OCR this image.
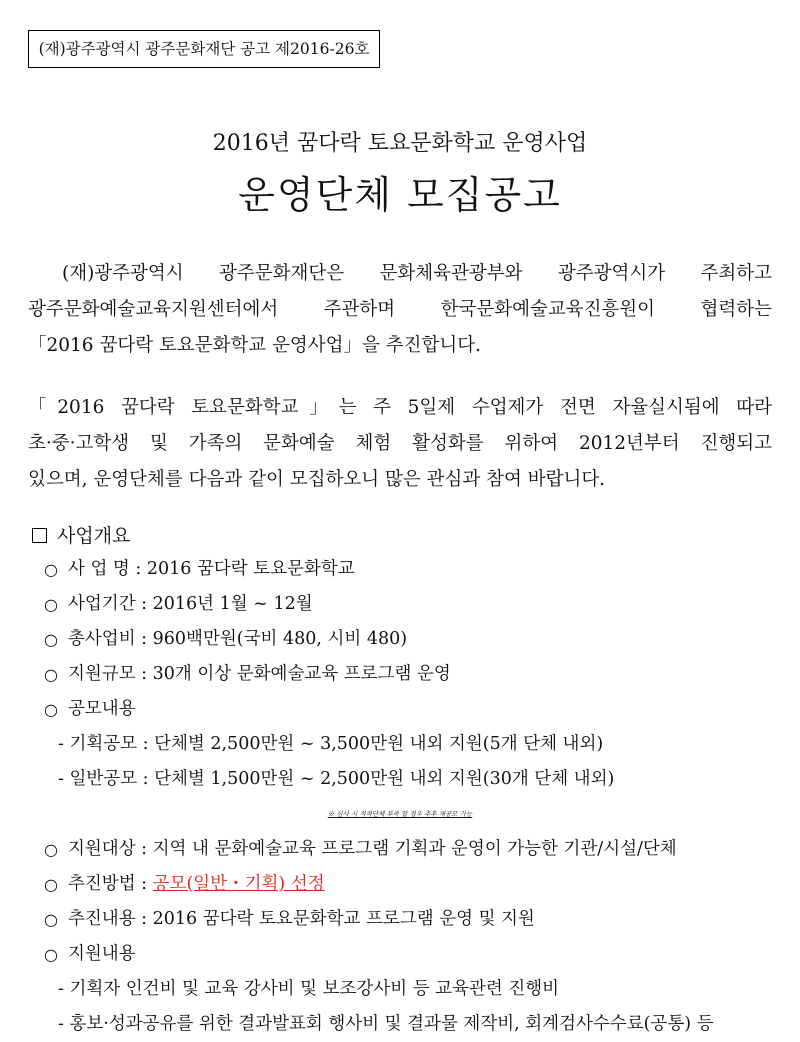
(재)광주광역시 광주문화재단 공고 제2016-26호
2016년 꿈다락 토요문화학교 운영사업
운영단체 모집공고
(재)광주광역시 광주문화재단은 문화체육관광부와 광주광역시가 주최하고
광주문화예술교육지원센터에서 주관하며 한국문화예술교육진흥원이 협력하는
「2016 꿈다락 토요문화학교 운영사업」을 추진합니다.
「2016 꿈다락 토요문화학교」는 주 5일제 수업제가 전면 자율실시됨에 따라
초·중·고학생 및 가족의 문화예술 체험 활성화를 위하여 2012년부터 진행되고
있으며, 운영단체를 다음과 같이 모집하오니 많은 관심과 참여 바랍니다.
사업개요
○ 사 업 명 : 2016 꿈다락 토요문화학교
○ 사업기간 : 2016년 1월 ~ 12월
○ 총사업비 : 960백만원(국비 480, 시비 480)
○ 지원규모 : 30개 이상 문화예술교육 프로그램 운영
○ 공모내용
- 기획공모 : 단체별 2,500만원 ~ 3,500만원 내외 지원(5개 단체 내외)
- 일반공모 : 단체별 1,500만원 ~ 2,500만원 내외 지원(30개 단체 내외)
※ 심사 시 적격단체 부족 할 경우 추후 재공모 가능
○ 지원대상 : 지역 내 문화예술교육 프로그램 기획과 운영이 가능한 기관/시설/단체
○ 추진방법 : 공모(일반・기획) 선정
○ 추진내용 : 2016 꿈다락 토요문화학교 프로그램 운영 및 지원
○ 지원내용
- 기획자 인건비 및 교육 강사비 및 보조강사비 등 교육관련 진행비
- 홍보·성과공유를 위한 결과발표회 행사비 및 결과물 제작비, 회계검사수수료(공통) 등
